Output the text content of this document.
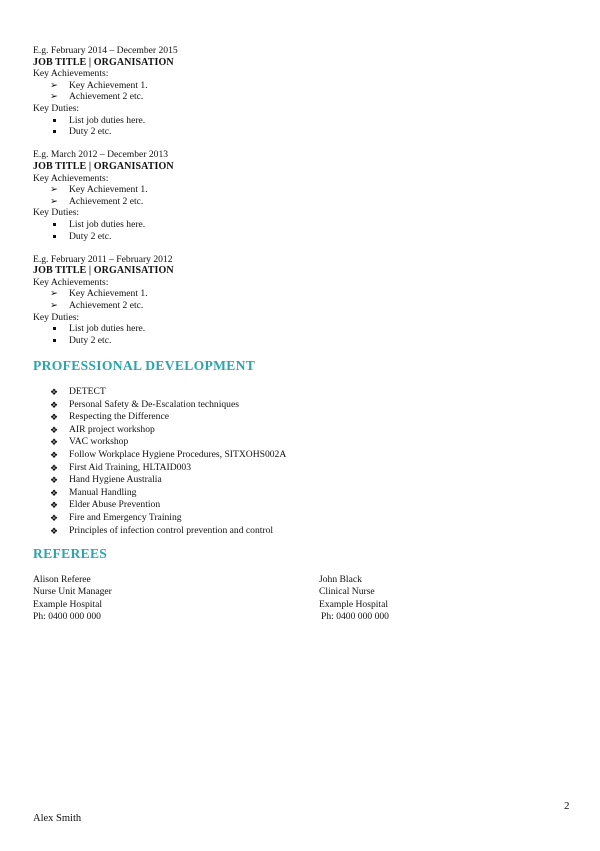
E.g. February 2014 – December 2015
JOB TITLE | ORGANISATION
Key Achievements:
➢	Key Achievement 1.
➢	Achievement 2 etc.
Key Duties:
List job duties here.
Duty 2 etc.
E.g. March 2012 – December 2013
JOB TITLE | ORGANISATION
Key Achievements:
➢	Key Achievement 1.
➢	Achievement 2 etc.
Key Duties:
List job duties here.
Duty 2 etc.
E.g. February 2011 – February 2012
JOB TITLE | ORGANISATION
Key Achievements:
➢	Key Achievement 1.
➢	Achievement 2 etc.
Key Duties:
List job duties here.
Duty 2 etc.
PROFESSIONAL DEVELOPMENT
❖ DETECT
❖ Personal Safety & De-Escalation techniques
❖ Respecting the Difference
❖ AIR project workshop
❖ VAC workshop
❖ Follow Workplace Hygiene Procedures, SITXOHS002A
❖ First Aid Training, HLTAID003
❖ Hand Hygiene Australia
❖ Manual Handling
❖ Elder Abuse Prevention
❖ Fire and Emergency Training
❖ Principles of infection control prevention and control
REFEREES
Alison Referee
Nurse Unit Manager
Example Hospital
Ph: 0400 000 000
John Black
Clinical Nurse
Example Hospital
Ph: 0400 000 000
2
Alex Smith
